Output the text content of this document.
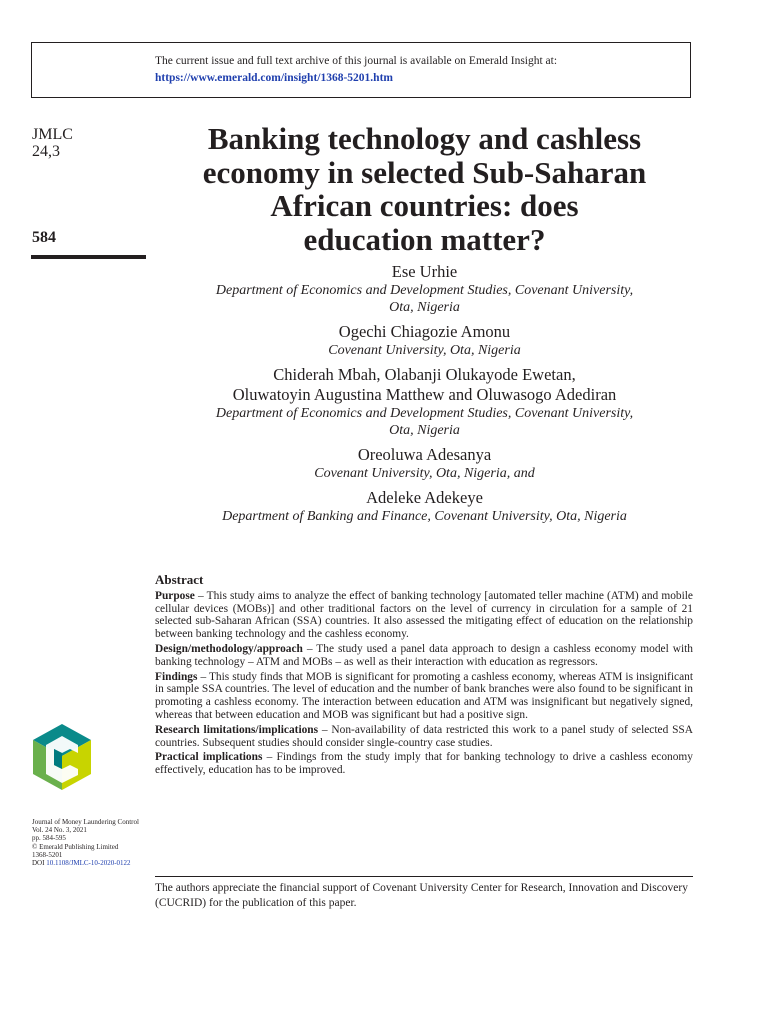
The current issue and full text archive of this journal is available on Emerald Insight at:
https://www.emerald.com/insight/1368-5201.htm
JMLC
24,3
584
Banking technology and cashless
economy in selected Sub-Saharan
African countries: does
education matter?
Ese Urhie
Department of Economics and Development Studies, Covenant University,
Ota, Nigeria
Ogechi Chiagozie Amonu
Covenant University, Ota, Nigeria
Chiderah Mbah, Olabanji Olukayode Ewetan,
Oluwatoyin Augustina Matthew and Oluwasogo Adediran
Department of Economics and Development Studies, Covenant University,
Ota, Nigeria
Oreoluwa Adesanya
Covenant University, Ota, Nigeria, and
Adeleke Adekeye
Department of Banking and Finance, Covenant University, Ota, Nigeria
Abstract
Purpose – This study aims to analyze the effect of banking technology [automated teller machine (ATM) and mobile cellular devices (MOBs)] and other traditional factors on the level of currency in circulation for a sample of 21 selected sub-Saharan African (SSA) countries. It also assessed the mitigating effect of education on the relationship between banking technology and the cashless economy.
Design/methodology/approach – The study used a panel data approach to design a cashless economy model with banking technology – ATM and MOBs – as well as their interaction with education as regressors.
Findings – This study finds that MOB is significant for promoting a cashless economy, whereas ATM is insignificant in sample SSA countries. The level of education and the number of bank branches were also found to be significant in promoting a cashless economy. The interaction between education and ATM was insignificant but negatively signed, whereas that between education and MOB was significant but had a positive sign.
Research limitations/implications – Non-availability of data restricted this work to a panel study of selected SSA countries. Subsequent studies should consider single-country case studies.
Practical implications – Findings from the study imply that for banking technology to drive a cashless economy effectively, education has to be improved.
Journal of Money Laundering Control
Vol. 24 No. 3, 2021
pp. 584-595
© Emerald Publishing Limited
1368-5201
DOI 10.1108/JMLC-10-2020-0122
The authors appreciate the financial support of Covenant University Center for Research, Innovation and Discovery (CUCRID) for the publication of this paper.
